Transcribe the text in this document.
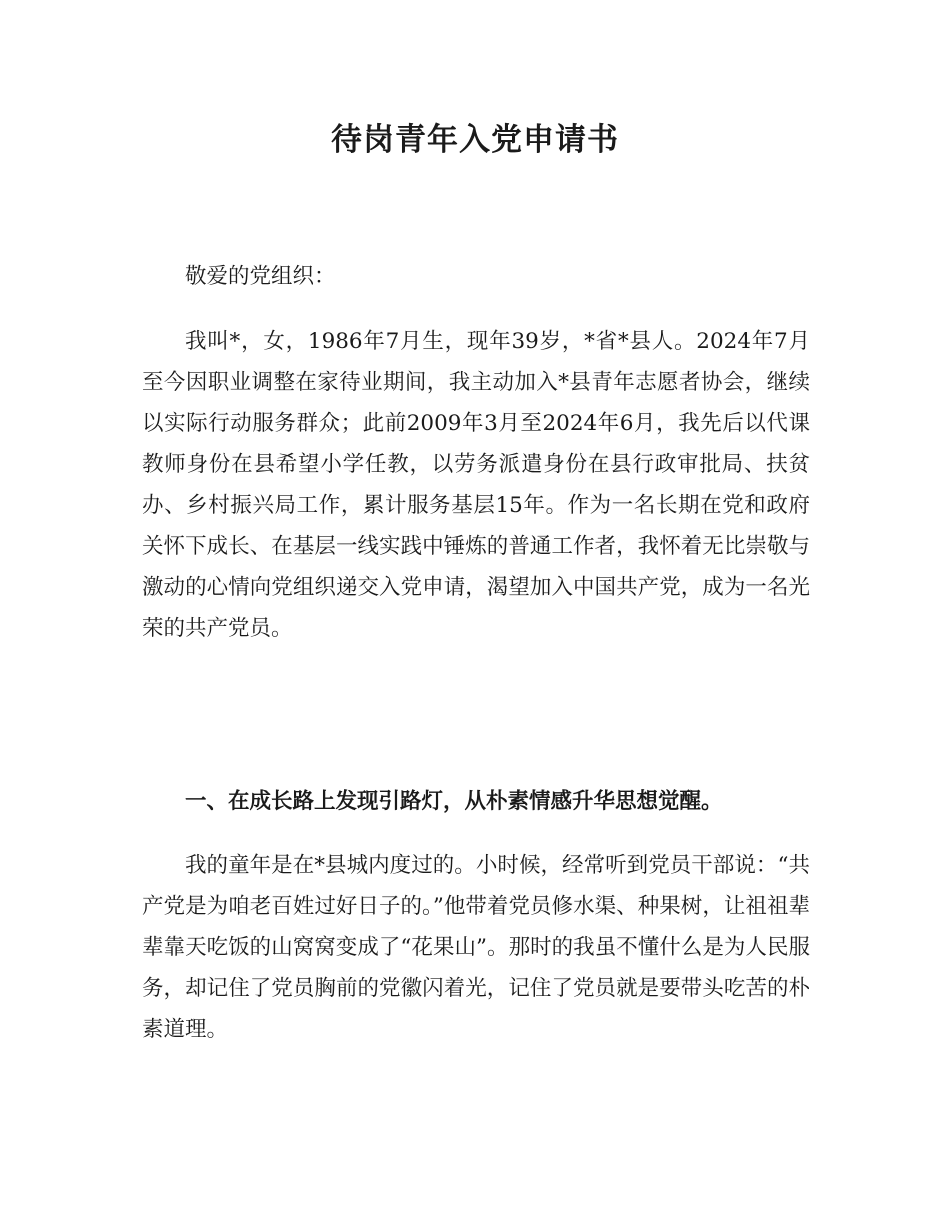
待岗青年入党申请书

敬爱的党组织：

我叫*，女，1986年7月生，现年39岁，*省*县人。2024年7月至今因职业调整在家待业期间，我主动加入*县青年志愿者协会，继续以实际行动服务群众；此前2009年3月至2024年6月，我先后以代课教师身份在县希望小学任教，以劳务派遣身份在县行政审批局、扶贫办、乡村振兴局工作，累计服务基层15年。作为一名长期在党和政府关怀下成长、在基层一线实践中锤炼的普通工作者，我怀着无比崇敬与激动的心情向党组织递交入党申请，渴望加入中国共产党，成为一名光荣的共产党员。

一、在成长路上发现引路灯，从朴素情感升华思想觉醒。

我的童年是在*县城内度过的。小时候，经常听到党员干部说：“共产党是为咱老百姓过好日子的。”他带着党员修水渠、种果树，让祖祖辈辈靠天吃饭的山窝窝变成了“花果山”。那时的我虽不懂什么是为人民服务，却记住了党员胸前的党徽闪着光，记住了党员就是要带头吃苦的朴素道理。
